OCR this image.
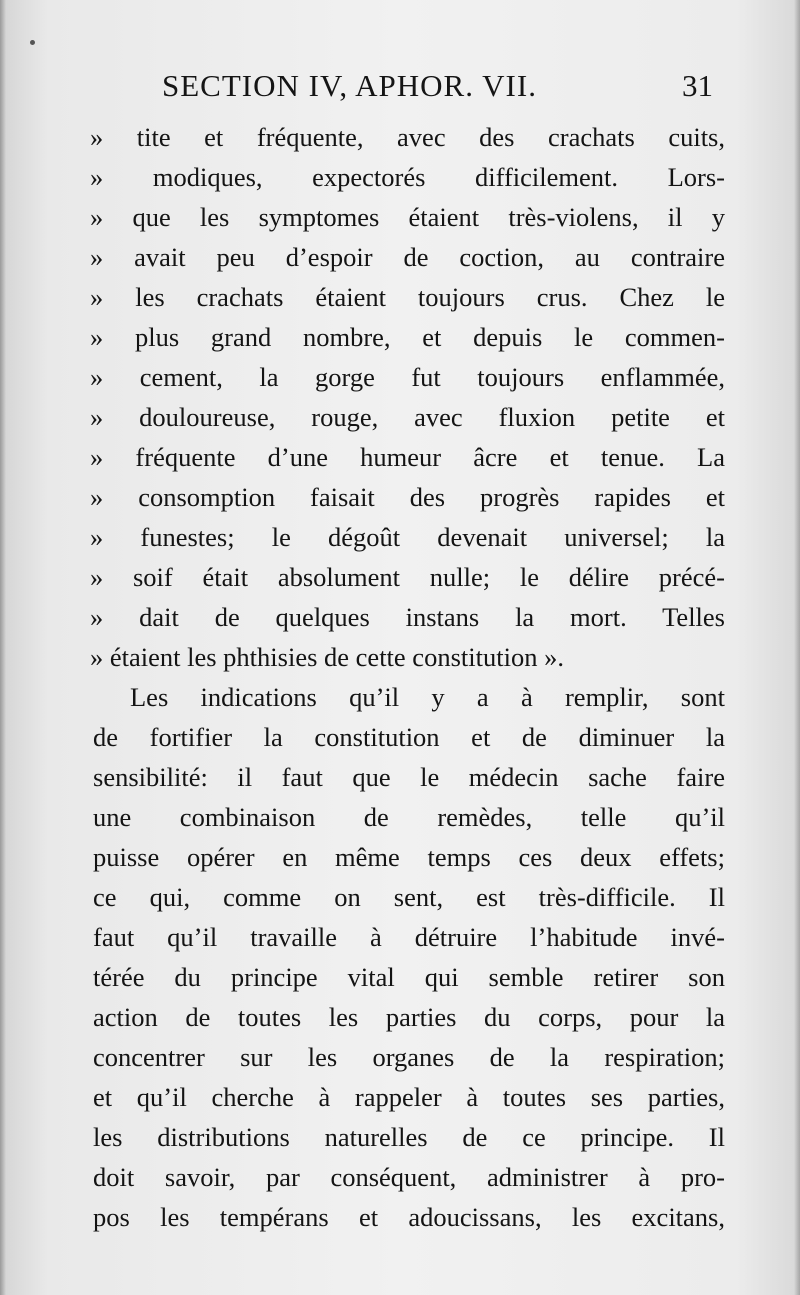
SECTION IV, APHOR. VII.	31
» tite et fréquente, avec des crachats cuits,
» modiques, expectorés difficilement. Lors-
» que les symptomes étaient très-violens, il y
» avait peu d’espoir de coction, au contraire
» les crachats étaient toujours crus. Chez le
» plus grand nombre, et depuis le commen-
» cement, la gorge fut toujours enflammée,
» douloureuse, rouge, avec fluxion petite et
» fréquente d’une humeur âcre et tenue. La
» consomption faisait des progrès rapides et
» funestes; le dégoût devenait universel; la
» soif était absolument nulle; le délire précé-
» dait de quelques instans la mort. Telles
» étaient les phthisies de cette constitution ».
Les indications qu’il y a à remplir, sont
de fortifier la constitution et de diminuer la
sensibilité: il faut que le médecin sache faire
une combinaison de remèdes, telle qu’il
puisse opérer en même temps ces deux effets;
ce qui, comme on sent, est très-difficile. Il
faut qu’il travaille à détruire l’habitude invé-
térée du principe vital qui semble retirer son
action de toutes les parties du corps, pour la
concentrer sur les organes de la respiration;
et qu’il cherche à rappeler à toutes ses parties,
les distributions naturelles de ce principe. Il
doit savoir, par conséquent, administrer à pro-
pos les tempérans et adoucissans, les excitans,
